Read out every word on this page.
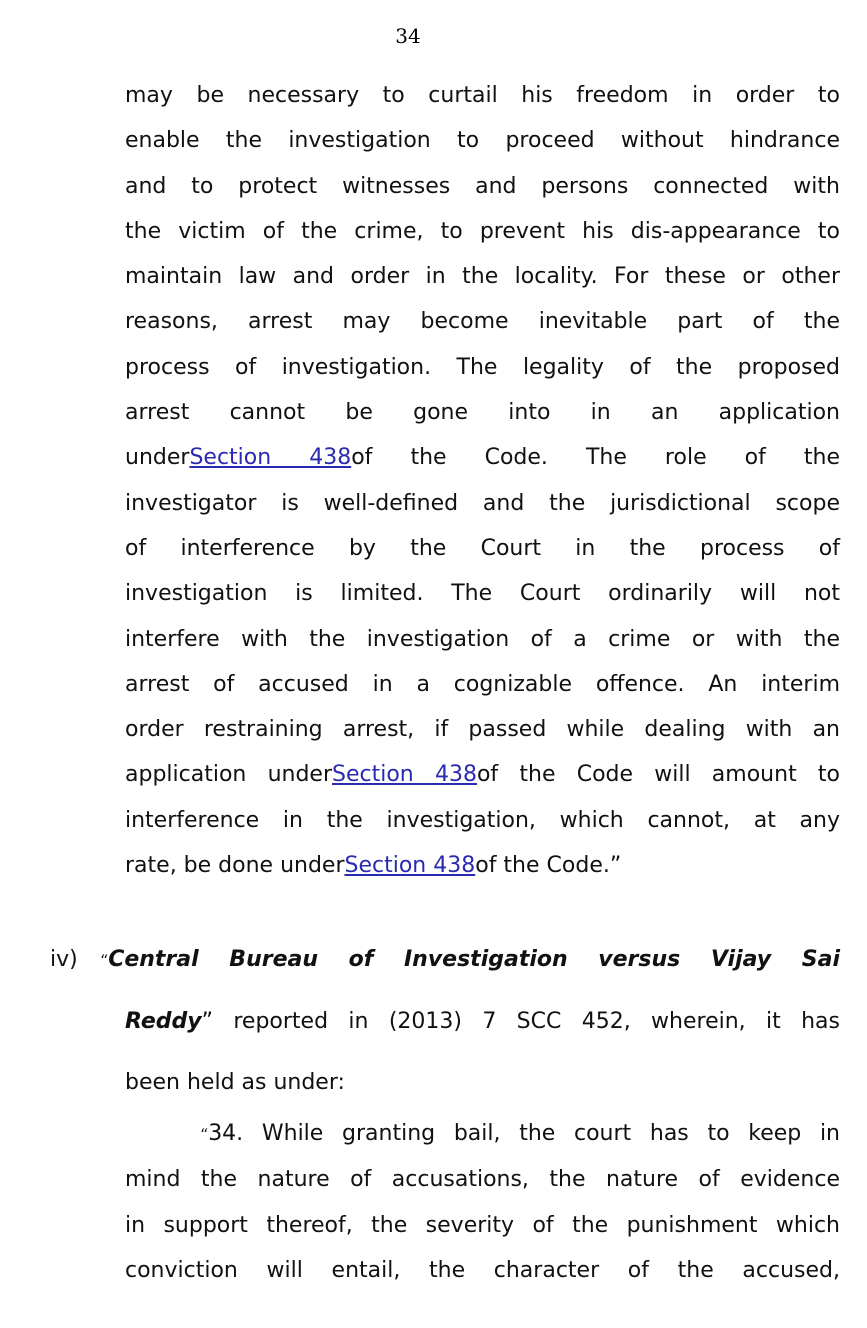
34
may be necessary to curtail his freedom in order to
enable the investigation to proceed without hindrance
and to protect witnesses and persons connected with
the victim of the crime, to prevent his dis-appearance to
maintain law and order in the locality. For these or other
reasons, arrest may become inevitable part of the
process of investigation. The legality of the proposed
arrest cannot be gone into in an application
underSection 438of the Code. The role of the
investigator is well-defined and the jurisdictional scope
of interference by the Court in the process of
investigation is limited. The Court ordinarily will not
interfere with the investigation of a crime or with the
arrest of accused in a cognizable offence. An interim
order restraining arrest, if passed while dealing with an
application underSection 438of the Code will amount to
interference in the investigation, which cannot, at any
rate, be done underSection 438of the Code.”
iv) “Central Bureau of Investigation versus Vijay Sai
Reddy” reported in (2013) 7 SCC 452, wherein, it has
been held as under:
“34. While granting bail, the court has to keep in
mind the nature of accusations, the nature of evidence
in support thereof, the severity of the punishment which
conviction will entail, the character of the accused,
